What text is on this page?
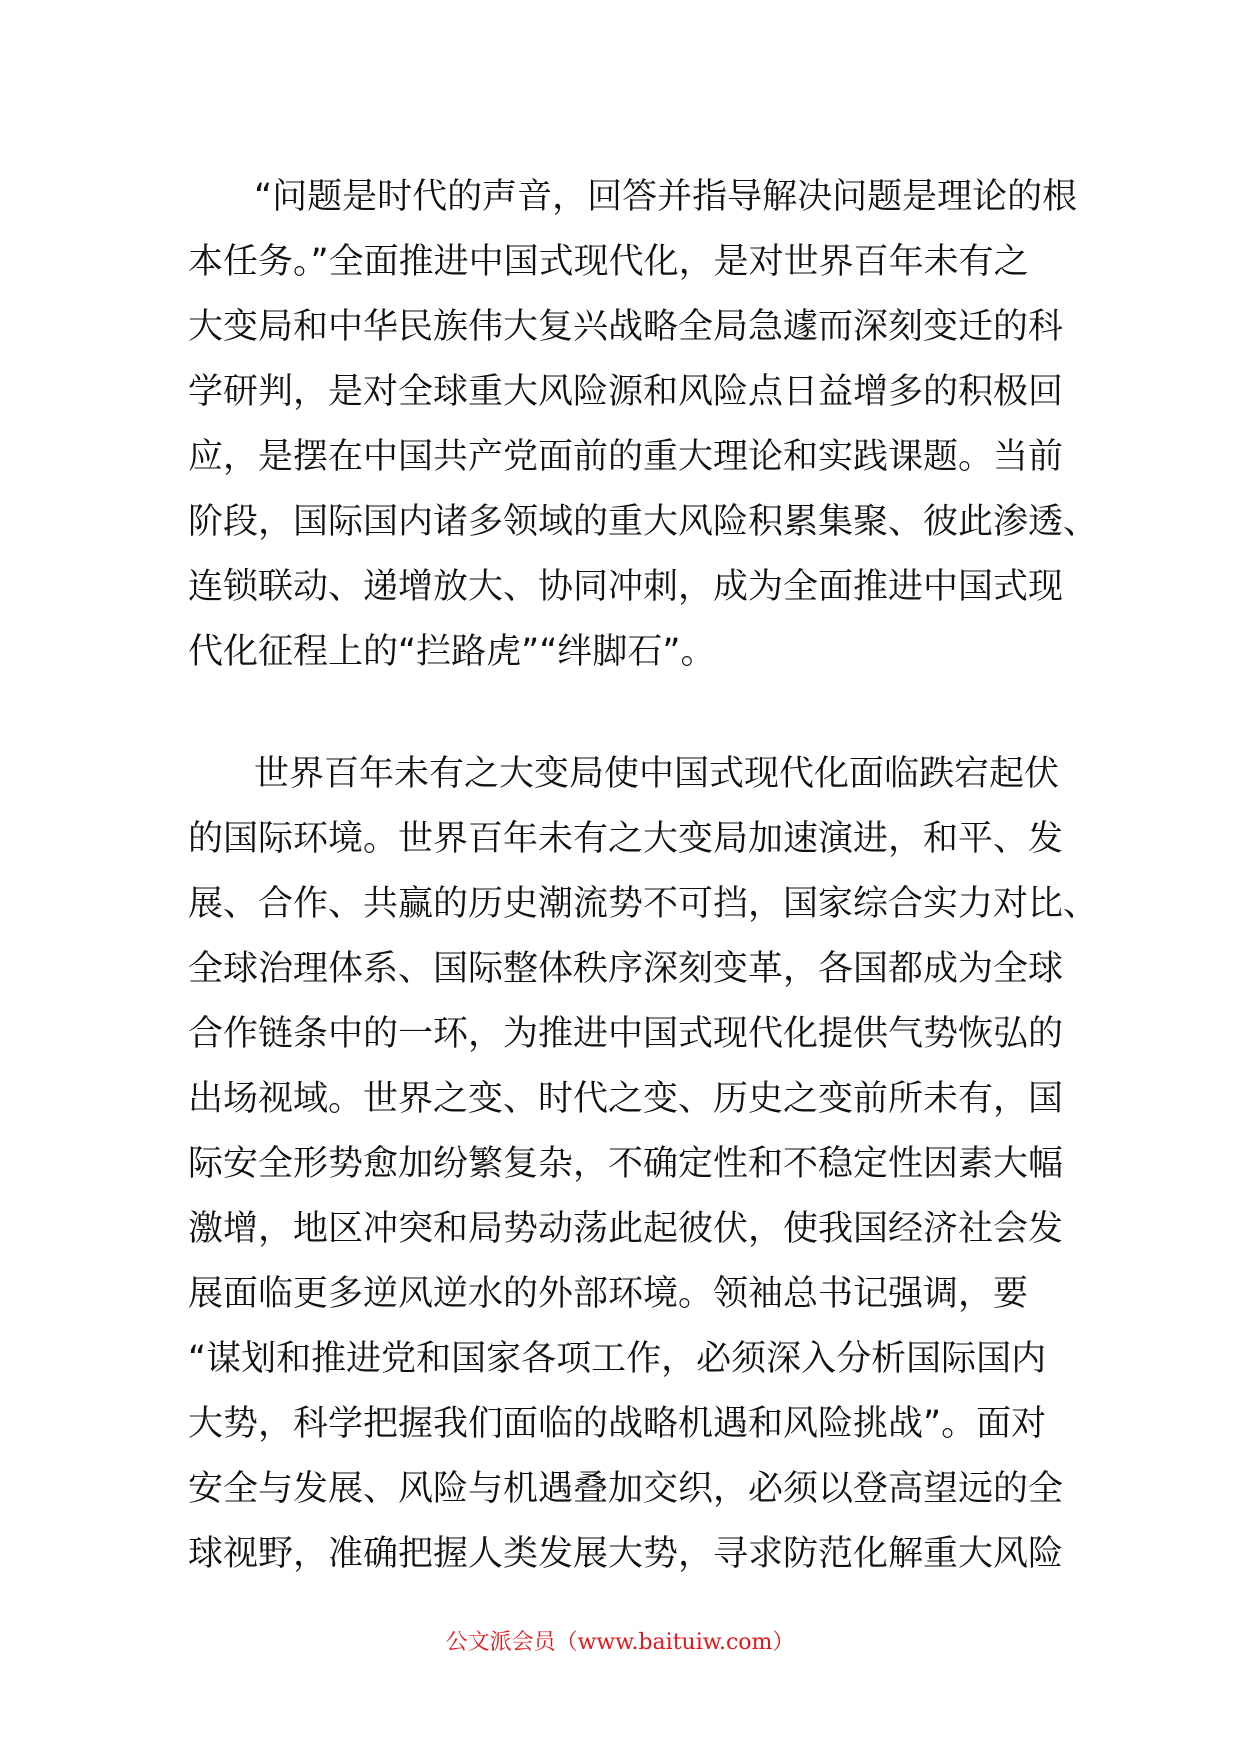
“问题是时代的声音，回答并指导解决问题是理论的根
本任务。”全面推进中国式现代化，是对世界百年未有之
大变局和中华民族伟大复兴战略全局急遽而深刻变迁的科
学研判，是对全球重大风险源和风险点日益增多的积极回
应，是摆在中国共产党面前的重大理论和实践课题。当前
阶段，国际国内诸多领域的重大风险积累集聚、彼此渗透、
连锁联动、递增放大、协同冲刺，成为全面推进中国式现
代化征程上的“拦路虎”“绊脚石”。
世界百年未有之大变局使中国式现代化面临跌宕起伏
的国际环境。世界百年未有之大变局加速演进，和平、发
展、合作、共赢的历史潮流势不可挡，国家综合实力对比、
全球治理体系、国际整体秩序深刻变革，各国都成为全球
合作链条中的一环，为推进中国式现代化提供气势恢弘的
出场视域。世界之变、时代之变、历史之变前所未有，国
际安全形势愈加纷繁复杂，不确定性和不稳定性因素大幅
激增，地区冲突和局势动荡此起彼伏，使我国经济社会发
展面临更多逆风逆水的外部环境。领袖总书记强调，要
“谋划和推进党和国家各项工作，必须深入分析国际国内
大势，科学把握我们面临的战略机遇和风险挑战”。面对
安全与发展、风险与机遇叠加交织，必须以登高望远的全
球视野，准确把握人类发展大势，寻求防范化解重大风险
公文派会员（www.baituiw.com）
